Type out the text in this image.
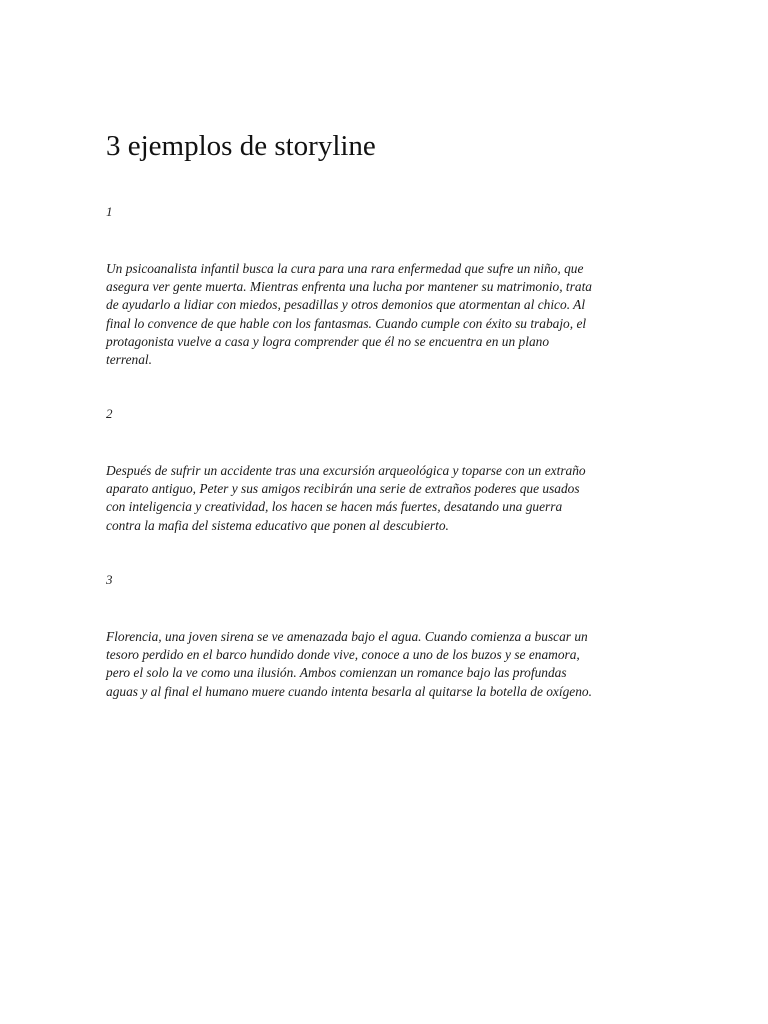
3 ejemplos de storyline

1

Un psicoanalista infantil busca la cura para una rara enfermedad que sufre un niño, que
asegura ver gente muerta. Mientras enfrenta una lucha por mantener su matrimonio, trata
de ayudarlo a lidiar con miedos, pesadillas y otros demonios que atormentan al chico. Al
final lo convence de que hable con los fantasmas. Cuando cumple con éxito su trabajo, el
protagonista vuelve a casa y logra comprender que él no se encuentra en un plano
terrenal.

2

Después de sufrir un accidente tras una excursión arqueológica y toparse con un extraño
aparato antiguo, Peter y sus amigos recibirán una serie de extraños poderes que usados
con inteligencia y creatividad, los hacen se hacen más fuertes, desatando una guerra
contra la mafia del sistema educativo que ponen al descubierto.

3

Florencia, una joven sirena se ve amenazada bajo el agua. Cuando comienza a buscar un
tesoro perdido en el barco hundido donde vive, conoce a uno de los buzos y se enamora,
pero el solo la ve como una ilusión. Ambos comienzan un romance bajo las profundas
aguas y al final el humano muere cuando intenta besarla al quitarse la botella de oxígeno.
